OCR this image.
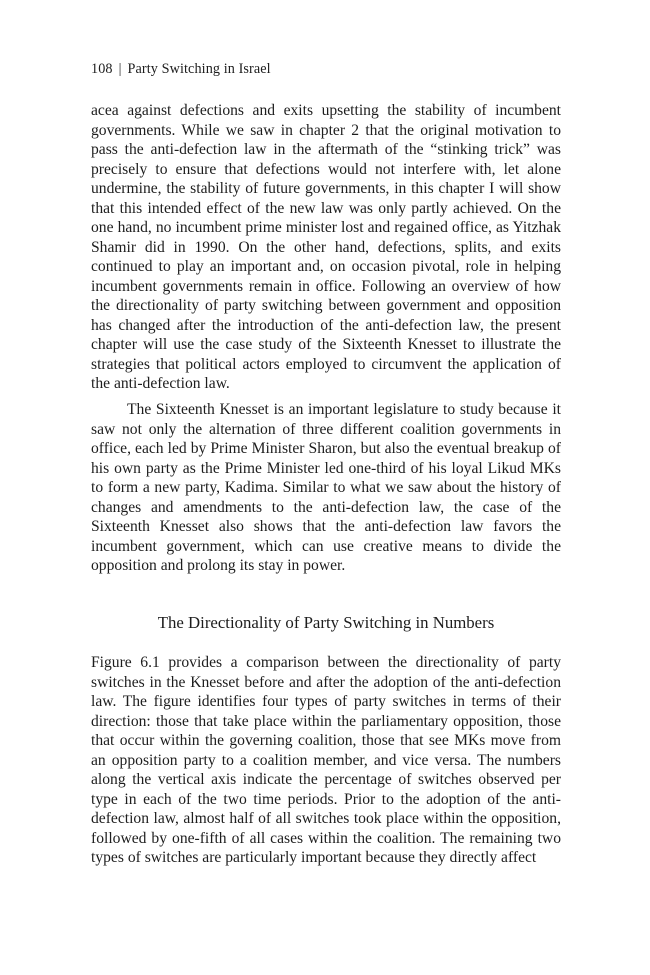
108 | Party Switching in Israel

acea against defections and exits upsetting the stability of incumbent governments. While we saw in chapter 2 that the original motivation to pass the anti-defection law in the aftermath of the “stinking trick” was precisely to ensure that defections would not interfere with, let alone undermine, the stability of future governments, in this chapter I will show that this intended effect of the new law was only partly achieved. On the one hand, no incumbent prime minister lost and regained office, as Yitzhak Shamir did in 1990. On the other hand, defections, splits, and exits continued to play an important and, on occasion pivotal, role in helping incumbent governments remain in office. Following an overview of how the directionality of party switching between government and opposition has changed after the introduction of the anti-defection law, the present chapter will use the case study of the Sixteenth Knesset to illustrate the strategies that political actors employed to circumvent the application of the anti-defection law.

The Sixteenth Knesset is an important legislature to study because it saw not only the alternation of three different coalition governments in office, each led by Prime Minister Sharon, but also the eventual breakup of his own party as the Prime Minister led one-third of his loyal Likud MKs to form a new party, Kadima. Similar to what we saw about the history of changes and amendments to the anti-defection law, the case of the Sixteenth Knesset also shows that the anti-defection law favors the incumbent government, which can use creative means to divide the opposition and prolong its stay in power.

The Directionality of Party Switching in Numbers

Figure 6.1 provides a comparison between the directionality of party switches in the Knesset before and after the adoption of the anti-defection law. The figure identifies four types of party switches in terms of their direction: those that take place within the parliamentary opposition, those that occur within the governing coalition, those that see MKs move from an opposition party to a coalition member, and vice versa. The numbers along the vertical axis indicate the percentage of switches observed per type in each of the two time periods. Prior to the adoption of the anti-defection law, almost half of all switches took place within the opposition, followed by one-fifth of all cases within the coalition. The remaining two types of switches are particularly important because they directly affect
